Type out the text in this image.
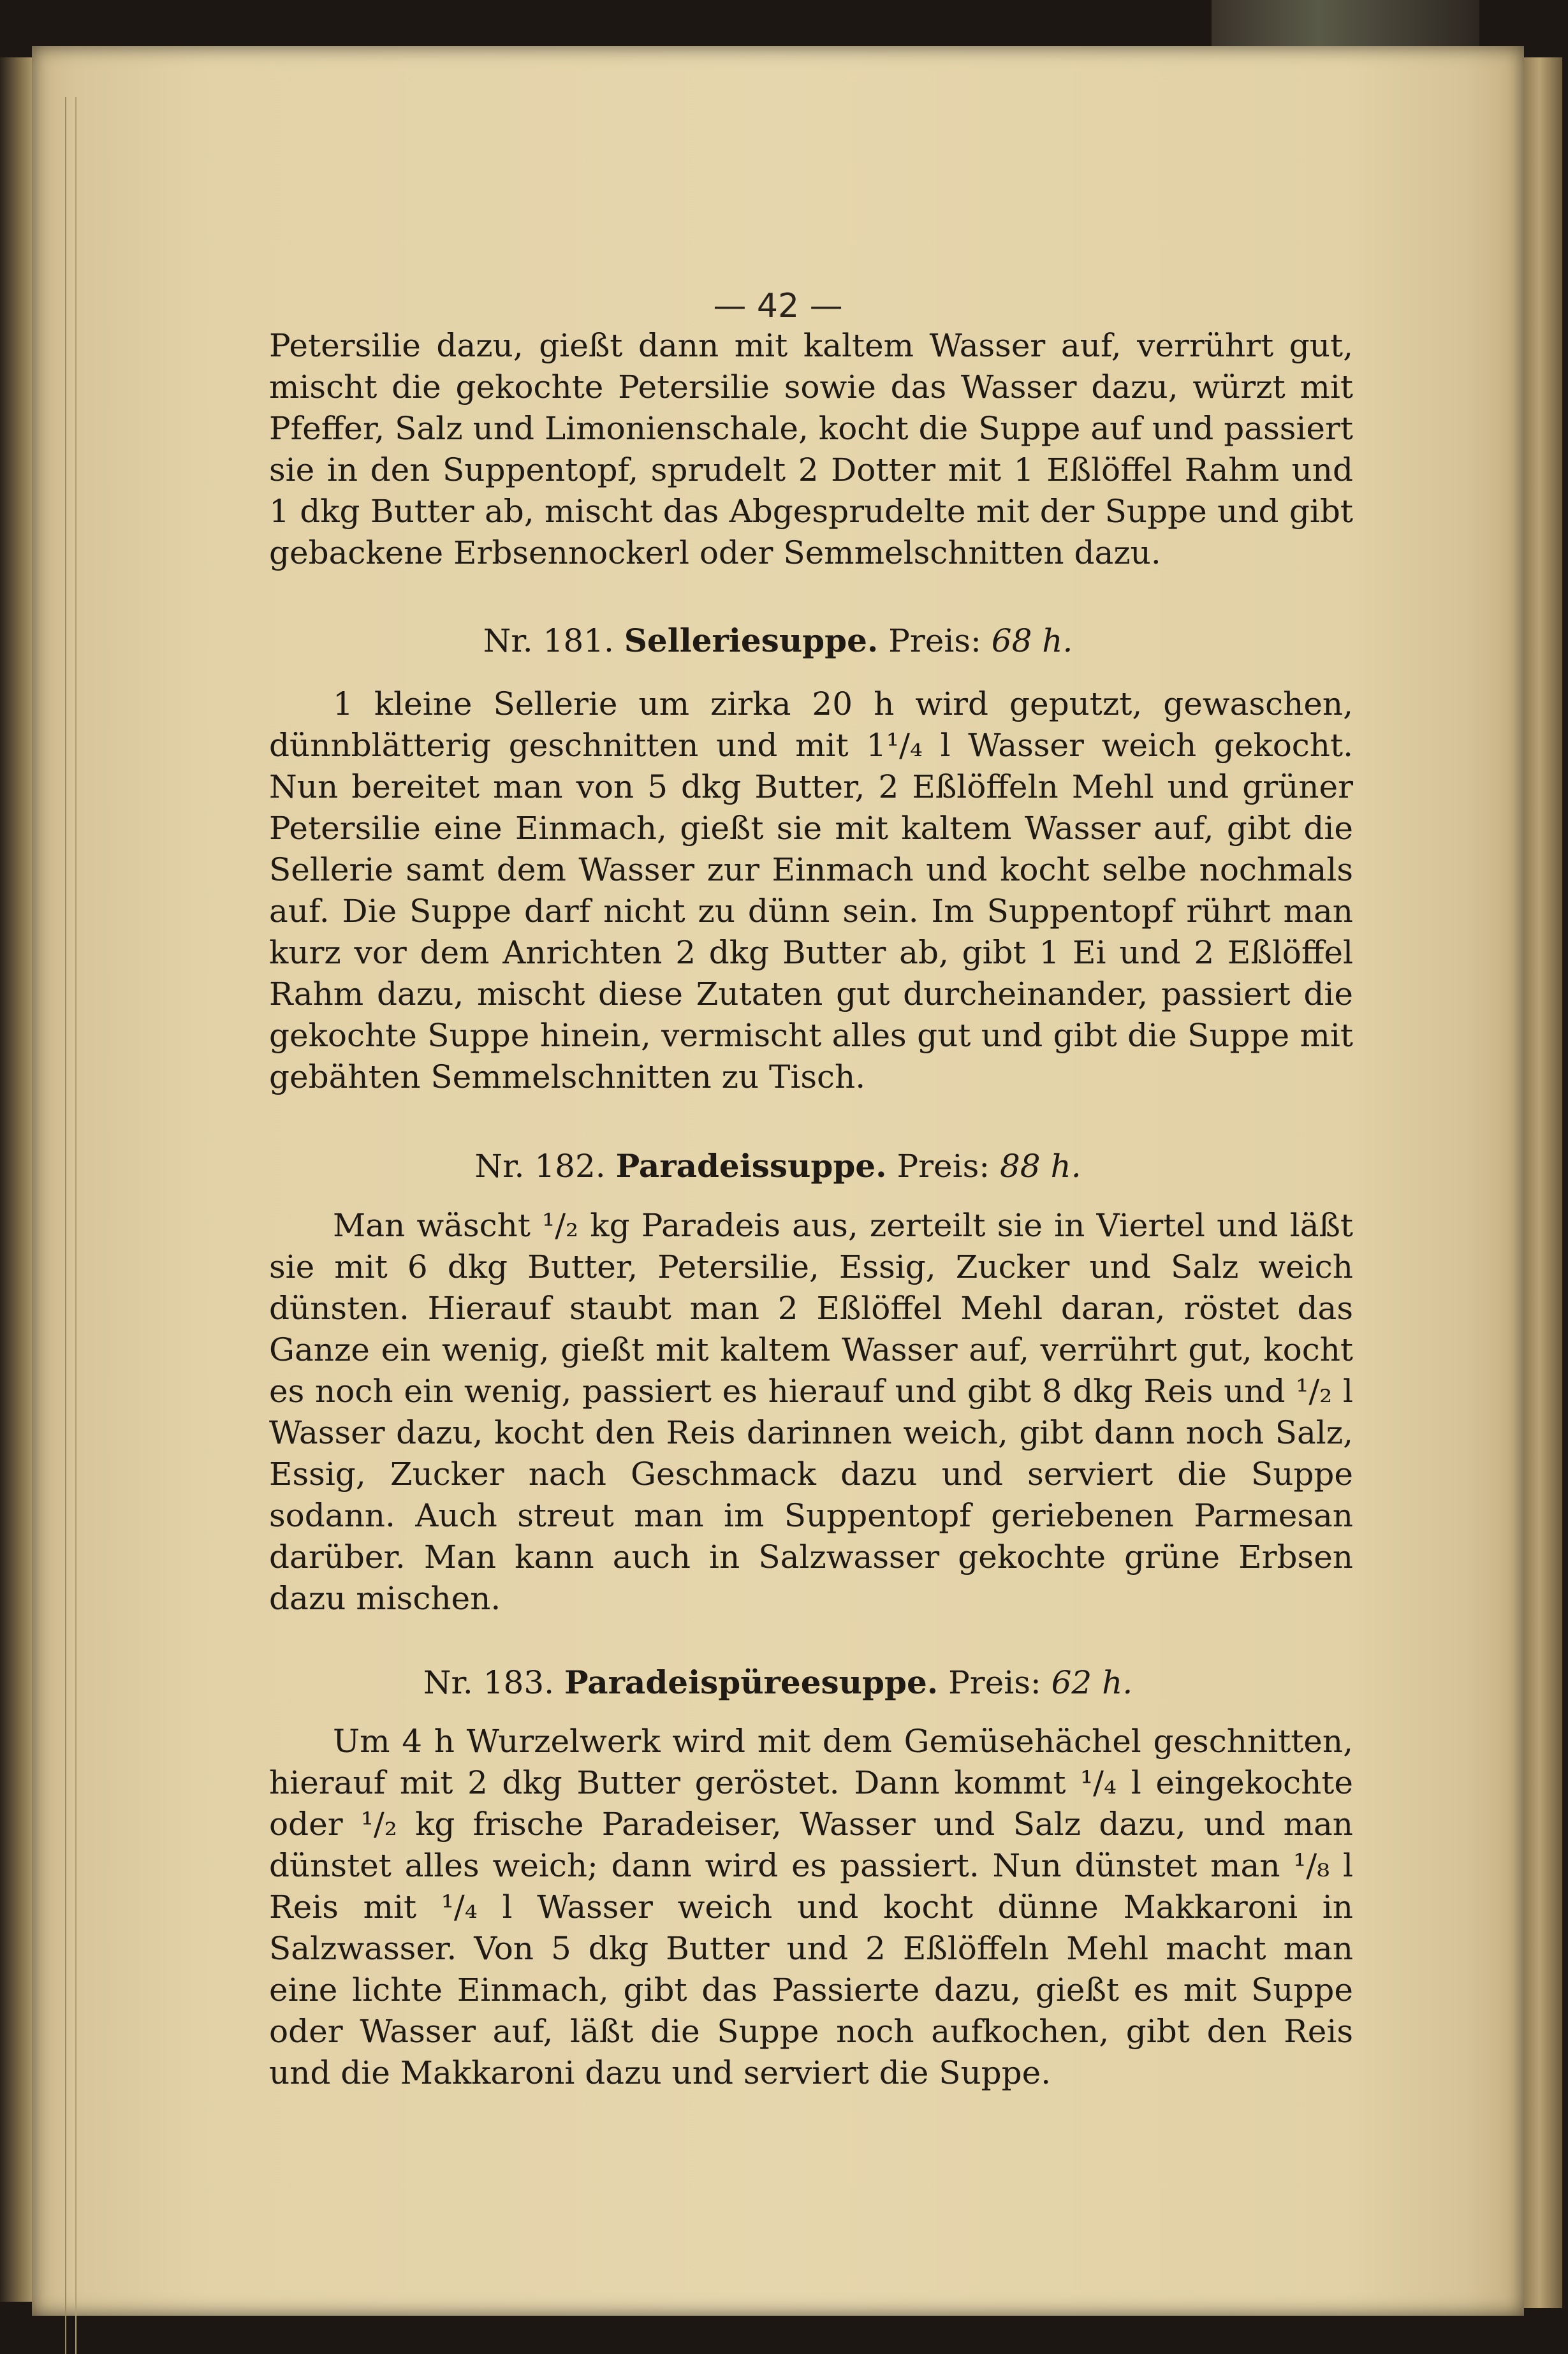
— 42 —

Petersilie dazu, gießt dann mit kaltem Wasser auf, verrührt gut, mischt die gekochte Petersilie sowie das Wasser dazu, würzt mit Pfeffer, Salz und Limonienschale, kocht die Suppe auf und passiert sie in den Suppentopf, sprudelt 2 Dotter mit 1 Eßlöffel Rahm und 1 dkg Butter ab, mischt das Abgesprudelte mit der Suppe und gibt gebackene Erbsennockerl oder Semmelschnitten dazu.

Nr. 181. Selleriesuppe. Preis: 68 h.

1 kleine Sellerie um zirka 20 h wird geputzt, gewaschen, dünnblätterig geschnitten und mit 1¹/₄ l Wasser weich gekocht. Nun bereitet man von 5 dkg Butter, 2 Eßlöffeln Mehl und grüner Petersilie eine Einmach, gießt sie mit kaltem Wasser auf, gibt die Sellerie samt dem Wasser zur Einmach und kocht selbe nochmals auf. Die Suppe darf nicht zu dünn sein. Im Suppentopf rührt man kurz vor dem Anrichten 2 dkg Butter ab, gibt 1 Ei und 2 Eßlöffel Rahm dazu, mischt diese Zutaten gut durcheinander, passiert die gekochte Suppe hinein, vermischt alles gut und gibt die Suppe mit gebähten Semmelschnitten zu Tisch.

Nr. 182. Paradeissuppe. Preis: 88 h.

Man wäscht ¹/₂ kg Paradeis aus, zerteilt sie in Viertel und läßt sie mit 6 dkg Butter, Petersilie, Essig, Zucker und Salz weich dünsten. Hierauf staubt man 2 Eßlöffel Mehl daran, röstet das Ganze ein wenig, gießt mit kaltem Wasser auf, verrührt gut, kocht es noch ein wenig, passiert es hierauf und gibt 8 dkg Reis und ¹/₂ l Wasser dazu, kocht den Reis darinnen weich, gibt dann noch Salz, Essig, Zucker nach Geschmack dazu und serviert die Suppe sodann. Auch streut man im Suppentopf geriebenen Parmesan darüber. Man kann auch in Salzwasser gekochte grüne Erbsen dazu mischen.

Nr. 183. Paradeispüreesuppe. Preis: 62 h.

Um 4 h Wurzelwerk wird mit dem Gemüsehächel geschnitten, hierauf mit 2 dkg Butter geröstet. Dann kommt ¹/₄ l eingekochte oder ¹/₂ kg frische Paradeiser, Wasser und Salz dazu, und man dünstet alles weich; dann wird es passiert. Nun dünstet man ¹/₈ l Reis mit ¹/₄ l Wasser weich und kocht dünne Makkaroni in Salzwasser. Von 5 dkg Butter und 2 Eßlöffeln Mehl macht man eine lichte Einmach, gibt das Passierte dazu, gießt es mit Suppe oder Wasser auf, läßt die Suppe noch aufkochen, gibt den Reis und die Makkaroni dazu und serviert die Suppe.
